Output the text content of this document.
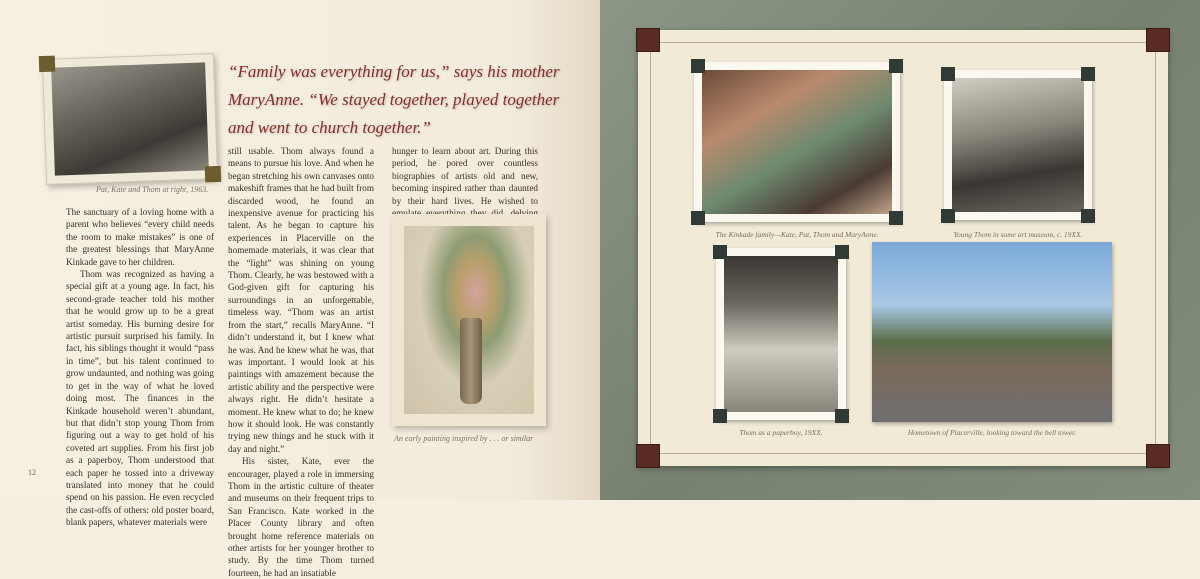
Pat, Kate and Thom at right, 1963.
“Family was everything for us,” says his mother MaryAnne. “We stayed together, played together and went to church together.”

The sanctuary of a loving home with a parent who believes “every child needs the room to make mistakes” is one of the greatest blessings that MaryAnne Kinkade gave to her children.

Thom was recognized as having a special gift at a young age. In fact, his second-grade teacher told his mother that he would grow up to be a great artist someday. His burning desire for artistic pursuit surprised his family. In fact, his siblings thought it would “pass in time”, but his talent continued to grow undaunted, and nothing was going to get in the way of what he loved doing most. The finances in the Kinkade household weren’t abundant, but that didn’t stop young Thom from figuring out a way to get hold of his coveted art supplies. From his first job as a paperboy, Thom understood that each paper he tossed into a driveway translated into money that he could spend on his passion. He even recycled the cast-offs of others: old poster board, blank papers, whatever materials were

still usable. Thom always found a means to pursue his love. And when he began stretching his own canvases onto makeshift frames that he had built from discarded wood, he found an inexpensive avenue for practicing his talent. As he began to capture his experiences in Placerville on the homemade materials, it was clear that the “light” was shining on young Thom. Clearly, he was bestowed with a God-given gift for capturing his surroundings in an unforgettable, timeless way. “Thom was an artist from the start,” recalls MaryAnne. “I didn’t understand it, but I knew what he was. And he knew what he was, that was important. I would look at his paintings with amazement because the artistic ability and the perspective were always right. He didn’t hesitate a moment. He knew what to do; he knew how it should look. He was constantly trying new things and he stuck with it day and night.”

His sister, Kate, ever the encourager, played a role in immersing Thom in the artistic culture of theater and museums on their frequent trips to San Francisco. Kate worked in the Placer County library and often brought home reference materials on other artists for her younger brother to study. By the time Thom turned fourteen, he had an insatiable

hunger to learn about art. During this period, he pored over countless biographies of artists old and new, becoming inspired rather than daunted by their hard lives. He wished to

An early painting inspired by . . . or similar
12
The Kinkade family—Kate, Pat, Thom and MaryAnne.	Young Thom in some art museum, c. 19XX.
Thom as a paperboy, 19XX.	Hometown of Placerville, looking toward the bell tower.
